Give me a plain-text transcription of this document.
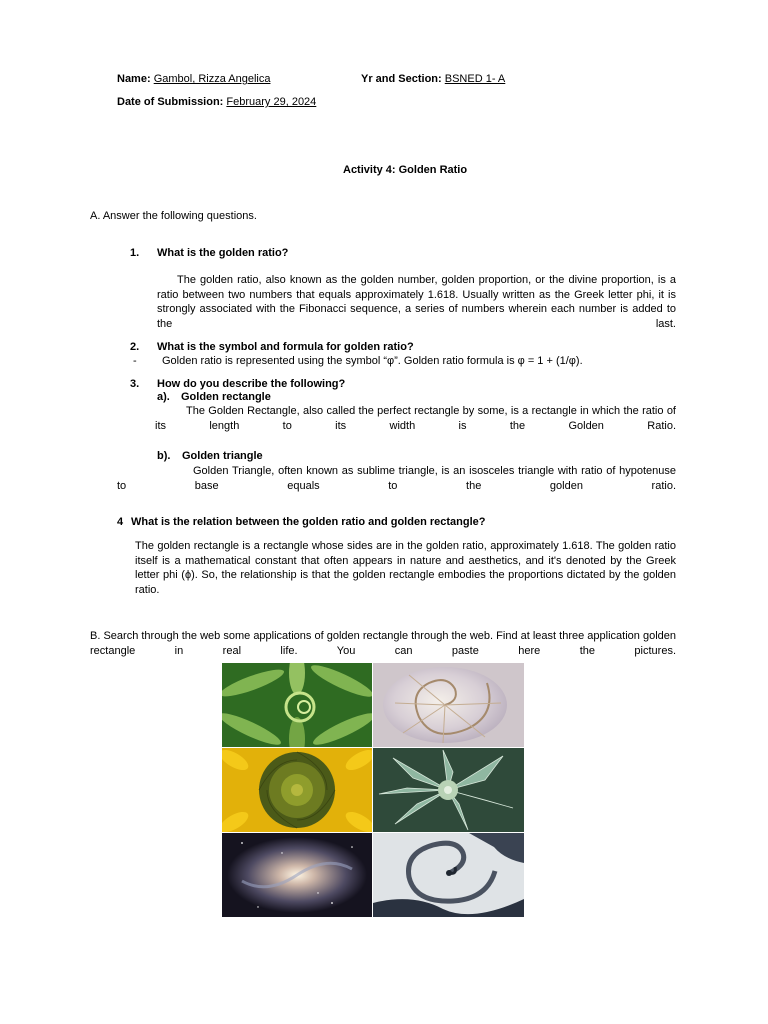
Name: Gambol, Rizza Angelica	Yr and Section: BSNED 1- A
Date of Submission: February 29, 2024
Activity 4: Golden Ratio
A. Answer the following questions.
1. What is the golden ratio?
The golden ratio, also known as the golden number, golden proportion, or the divine proportion, is a ratio between two numbers that equals approximately 1.618. Usually written as the Greek letter phi, it is strongly associated with the Fibonacci sequence, a series of numbers wherein each number is added to the last.
2. What is the symbol and formula for golden ratio?
- Golden ratio is represented using the symbol “φ”. Golden ratio formula is φ = 1 + (1/φ).
3. How do you describe the following?
a). Golden rectangle
The Golden Rectangle, also called the perfect rectangle by some, is a rectangle in which the ratio of its length to its width is the Golden Ratio.
b). Golden triangle
Golden Triangle, often known as sublime triangle, is an isosceles triangle with ratio of hypotenuse to base equals to the golden ratio.
4 What is the relation between the golden ratio and golden rectangle?
The golden rectangle is a rectangle whose sides are in the golden ratio, approximately 1.618. The golden ratio itself is a mathematical constant that often appears in nature and aesthetics, and it's denoted by the Greek letter phi (ϕ). So, the relationship is that the golden rectangle embodies the proportions dictated by the golden ratio.
B. Search through the web some applications of golden rectangle through the web. Find at least three application golden rectangle in real life. You can paste here the pictures.
